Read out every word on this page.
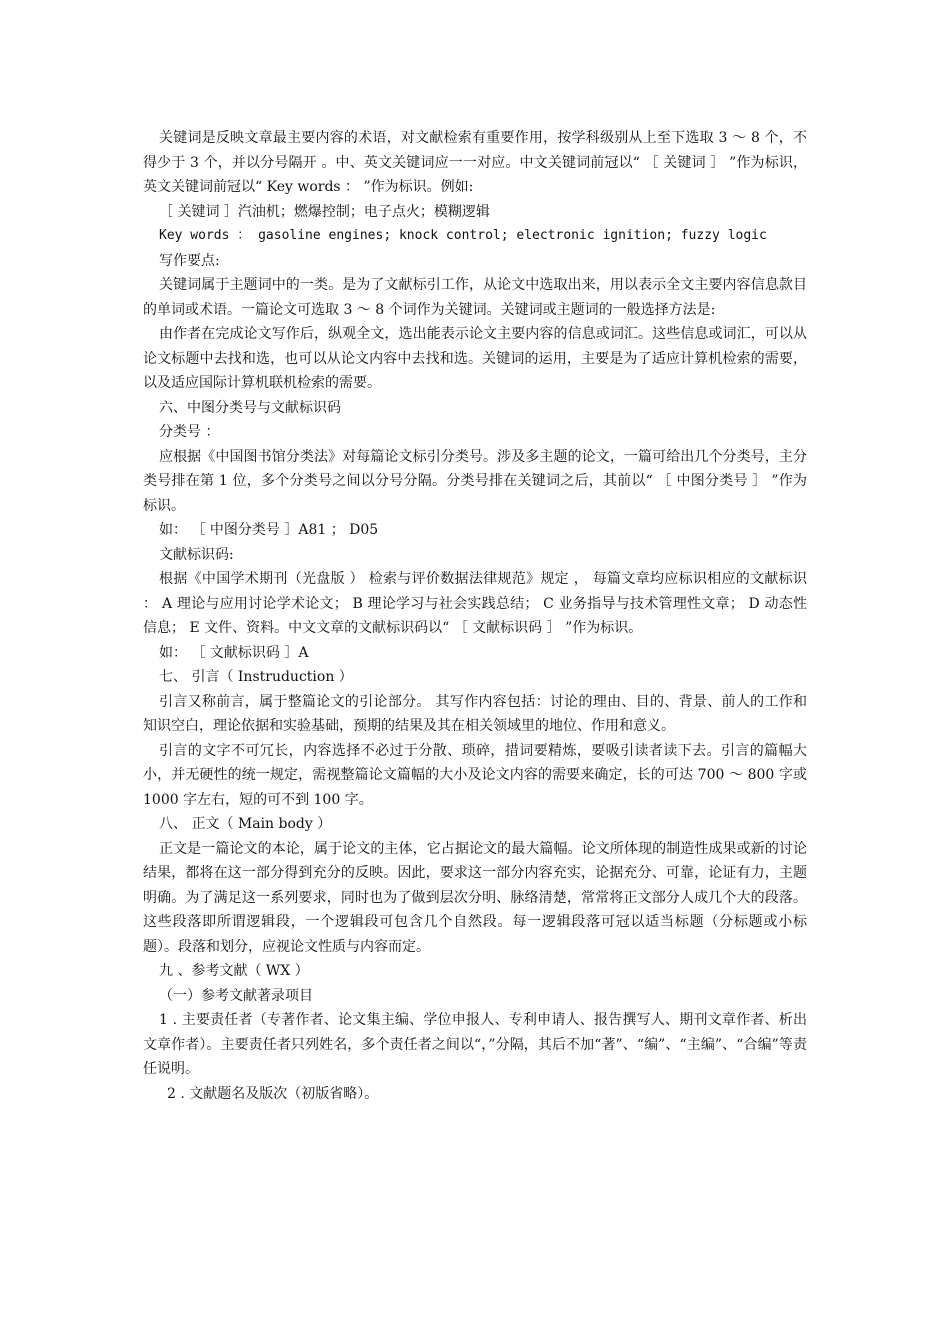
关键词是反映文章最主要内容的术语，对文献检索有重要作用，按学科级别从上至下选取 3 ～ 8 个，不得少于 3 个，并以分号隔开 。中、英文关键词应一一对应。中文关键词前冠以“ ［ 关键词 ］ ”作为标识，英文关键词前冠以“ Key words ： ”作为标识。例如:

［ 关键词 ］汽油机；燃爆控制；电子点火；模糊逻辑

Key words ： gasoline engines; knock control; electronic ignition; fuzzy logic

写作要点:

关键词属于主题词中的一类。是为了文献标引工作，从论文中选取出来，用以表示全文主要内容信息款目的单词或术语。一篇论文可选取 3 ～ 8 个词作为关键词。关键词或主题词的一般选择方法是:

由作者在完成论文写作后，纵观全文，选出能表示论文主要内容的信息或词汇。这些信息或词汇，可以从论文标题中去找和选，也可以从论文内容中去找和选。关键词的运用，主要是为了适应计算机检索的需要，以及适应国际计算机联机检索的需要。

六、中图分类号与文献标识码

分类号 ：

应根据《中国图书馆分类法》对每篇论文标引分类号。涉及多主题的论文，一篇可给出几个分类号，主分类号排在第 1 位，多个分类号之间以分号分隔。分类号排在关键词之后，其前以“ ［ 中图分类号 ］ ”作为标识。

如： ［ 中图分类号 ］A81 ； D05

文献标识码:

根据《中国学术期刊（光盘版 ） 检索与评价数据法律规范》规定 ， 每篇文章均应标识相应的文献标识 ： A 理论与应用讨论学术论文； B 理论学习与社会实践总结； C 业务指导与技术管理性文章； D 动态性信息； E 文件、资料。中文文章的文献标识码以“ ［ 文献标识码 ］ ”作为标识。

如： ［ 文献标识码 ］A

七、 引言（ Instruduction ）

引言又称前言，属于整篇论文的引论部分。 其写作内容包括：讨论的理由、目的、背景、前人的工作和知识空白，理论依据和实验基础，预期的结果及其在相关领域里的地位、作用和意义。

引言的文字不可冗长，内容选择不必过于分散、琐碎，措词要精炼，要吸引读者读下去。引言的篇幅大小，并无硬性的统一规定，需视整篇论文篇幅的大小及论文内容的需要来确定，长的可达 700 ～ 800 字或 1000 字左右，短的可不到 100 字。

八、 正文（ Main body ）

正文是一篇论文的本论，属于论文的主体，它占据论文的最大篇幅。论文所体现的制造性成果或新的讨论结果，都将在这一部分得到充分的反映。因此，要求这一部分内容充实，论据充分、可靠，论证有力，主题明确。为了满足这一系列要求，同时也为了做到层次分明、脉络清楚，常常将正文部分人成几个大的段落。这些段落即所谓逻辑段，一个逻辑段可包含几个自然段。每一逻辑段落可冠以适当标题（分标题或小标题）。段落和划分，应视论文性质与内容而定。

九 、参考文献（ WX ）

（一）参考文献著录项目

1 . 主要责任者（专著作者、论文集主编、学位申报人、专利申请人、报告撰写人、期刊文章作者、析出文章作者）。主要责任者只列姓名，多个责任者之间以“，”分隔，其后不加“著”、“编”、“主编”、“合编”等责任说明。

2 . 文献题名及版次（初版省略）。
